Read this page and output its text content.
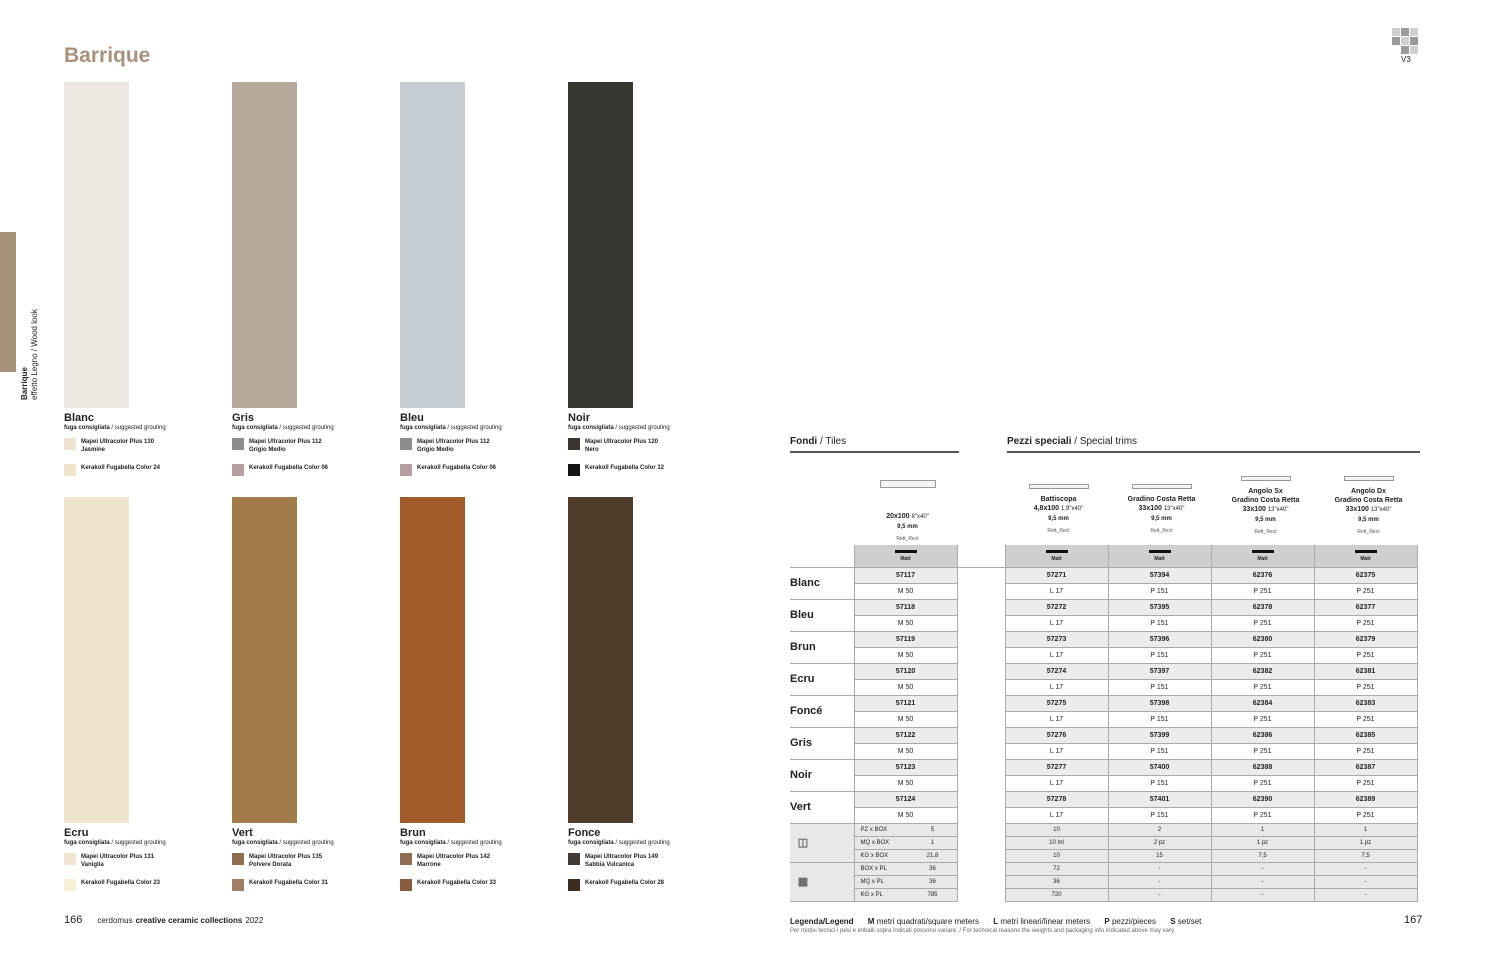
Barrique effetto Legno / Wood look
Barrique	V3
Blanc
fuga consigliata / suggested grouting
Mapei Ultracolor Plus 130
Jasmine
Kerakoll Fugabella Color 24
Gris
fuga consigliata / suggested grouting
Mapei Ultracolor Plus 112
Grigio Medio
Kerakoll Fugabella Color 06
Bleu
fuga consigliata / suggested grouting
Mapei Ultracolor Plus 112
Grigio Medio
Kerakoll Fugabella Color 06
Noir
fuga consigliata / suggested grouting
Mapei Ultracolor Plus 120
Nero
Kerakoll Fugabella Color 12
Ecru
fuga consigliata / suggested grouting
Mapei Ultracolor Plus 131
Vaniglia
Kerakoll Fugabella Color 23
Vert
fuga consigliata / suggested grouting
Mapei Ultracolor Plus 135
Polvere Dorata
Kerakoll Fugabella Color 31
Brun
fuga consigliata / suggested grouting
Mapei Ultracolor Plus 142
Marrone
Kerakoll Fugabella Color 33
Fonce
fuga consigliata / suggested grouting
Mapei Ultracolor Plus 149
Sabbia Vulcanica
Kerakoll Fugabella Color 28
Fondi / Tiles	Pezzi speciali / Special trims
20x100 8"x40"
9,5 mm
Rett_Rect
Battiscopa
4,8x100 1,9"x40"
9,5 mm
Rett_Rect
Gradino Costa Retta
33x100 13"x40"
9,5 mm
Rett_Rect
Angolo Sx
Gradino Costa Retta
33x100 13"x40"
9,5 mm
Rett_Rect
Angolo Dx
Gradino Costa Retta
33x100 13"x40"
9,5 mm
Rett_Rect

Matt		Matt	Matt	Matt	Matt
Blanc	57117		57271	57394	62376	62375
	M 50		L 17	P 151	P 251	P 251
Bleu	57118		57272	57395	62378	62377
	M 50		L 17	P 151	P 251	P 251
Brun	57119		57273	57396	62380	62379
	M 50		L 17	P 151	P 251	P 251
Ecru	57120		57274	57397	62382	62381
	M 50		L 17	P 151	P 251	P 251
Foncé	57121		57275	57398	62384	62383
	M 50		L 17	P 151	P 251	P 251
Gris	57122		57276	57399	62386	62385
	M 50		L 17	P 151	P 251	P 251
Noir	57123		57277	57400	62388	62387
	M 50		L 17	P 151	P 251	P 251
Vert	57124		57278	57401	62390	62389
	M 50		L 17	P 151	P 251	P 251

◫	PZ x BOX 5		10	2	1	1

	MQ x BOX 1		10 ml	2 pz	1 pz	1 pz

	KG x BOX 21,8		10	15	7,5	7,5

▦	BOX x PL 36		72	-	-	-

	MQ x PL 36		36	-	-	-

	KG x PL 785		720	-	-	-
Legenda/Legend M metri quadrati/square meters L metri lineari/linear meters P pezzi/pieces S set/set
Per motivi tecnici i pesi e imballi sopra indicati possono variare. / For technical reasons the weights and packaging info indicated above may vary.
166 cerdomus creative ceramic collections 2022	167
